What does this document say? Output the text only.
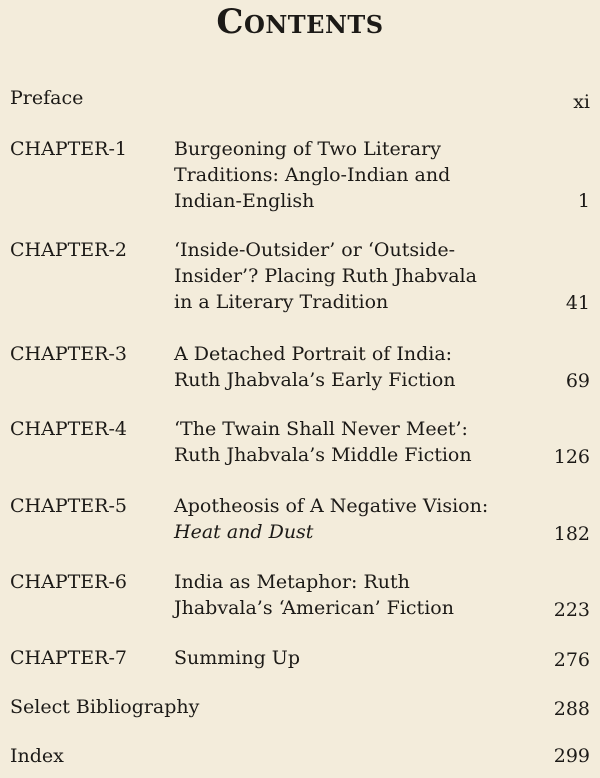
Contents
Preface	xi
CHAPTER-1 Burgeoning of Two Literary
Traditions: Anglo-Indian and
Indian-English	1
CHAPTER-2 ‘Inside-Outsider’ or ‘Outside-
Insider’? Placing Ruth Jhabvala
in a Literary Tradition	41
CHAPTER-3 A Detached Portrait of India:
Ruth Jhabvala’s Early Fiction	69
CHAPTER-4 ‘The Twain Shall Never Meet’:
Ruth Jhabvala’s Middle Fiction	126
CHAPTER-5 Apotheosis of A Negative Vision:
Heat and Dust	182
CHAPTER-6 India as Metaphor: Ruth
Jhabvala’s ‘American’ Fiction	223
CHAPTER-7 Summing Up	276
Select Bibliography	288
Index	299
